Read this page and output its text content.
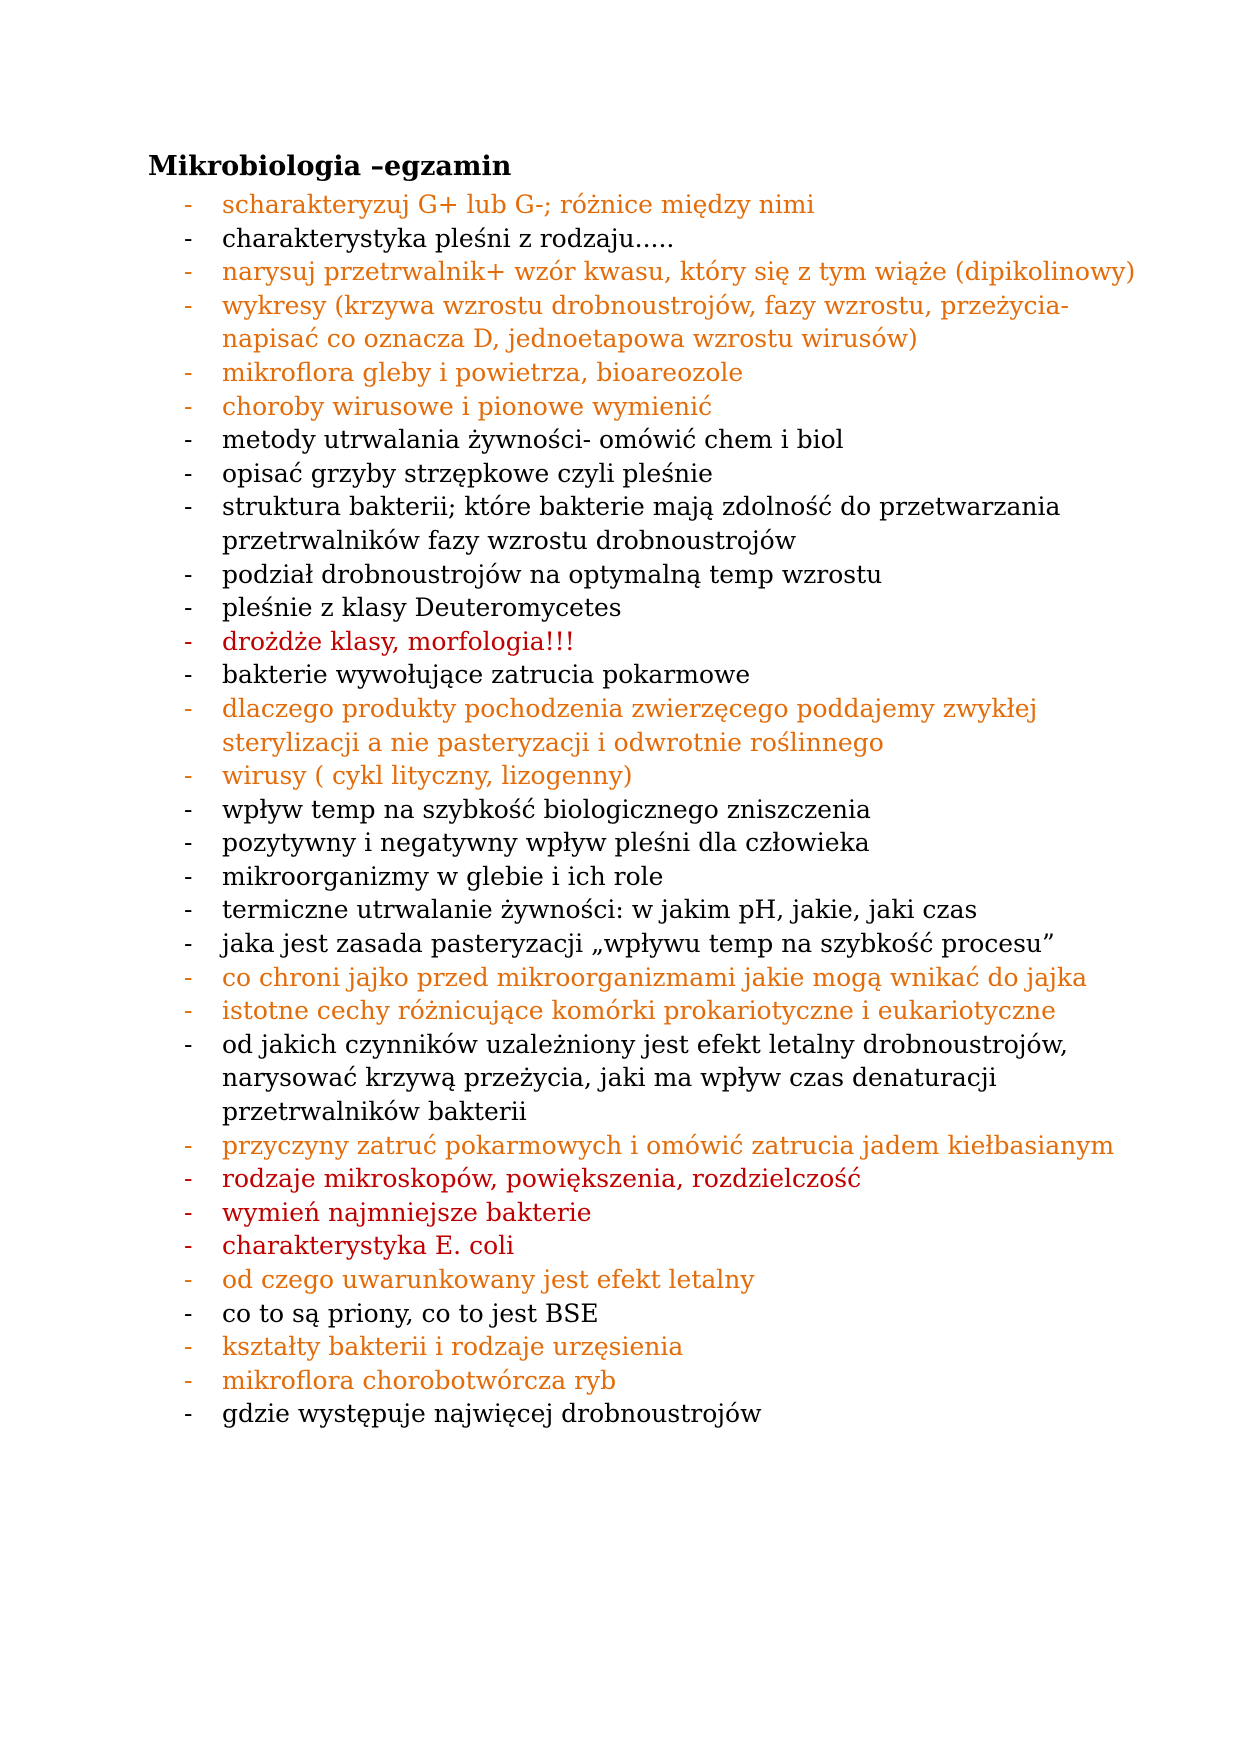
Mikrobiologia –egzamin
- scharakteryzuj G+ lub G-; różnice między nimi
- charakterystyka pleśni z rodzaju.....
- narysuj przetrwalnik+ wzór kwasu, który się z tym wiąże (dipikolinowy)
- wykresy (krzywa wzrostu drobnoustrojów, fazy wzrostu, przeżycia-
napisać co oznacza D, jednoetapowa wzrostu wirusów)
- mikroflora gleby i powietrza, bioareozole
- choroby wirusowe i pionowe wymienić
- metody utrwalania żywności- omówić chem i biol
- opisać grzyby strzępkowe czyli pleśnie
- struktura bakterii; które bakterie mają zdolność do przetwarzania
przetrwalników fazy wzrostu drobnoustrojów
- podział drobnoustrojów na optymalną temp wzrostu
- pleśnie z klasy Deuteromycetes
- drożdże klasy, morfologia!!!
- bakterie wywołujące zatrucia pokarmowe
- dlaczego produkty pochodzenia zwierzęcego poddajemy zwykłej
sterylizacji a nie pasteryzacji i odwrotnie roślinnego
- wirusy ( cykl lityczny, lizogenny)
- wpływ temp na szybkość biologicznego zniszczenia
- pozytywny i negatywny wpływ pleśni dla człowieka
- mikroorganizmy w glebie i ich role
- termiczne utrwalanie żywności: w jakim pH, jakie, jaki czas
- jaka jest zasada pasteryzacji „wpływu temp na szybkość procesu”
- co chroni jajko przed mikroorganizmami jakie mogą wnikać do jajka
- istotne cechy różnicujące komórki prokariotyczne i eukariotyczne
- od jakich czynników uzależniony jest efekt letalny drobnoustrojów,
narysować krzywą przeżycia, jaki ma wpływ czas denaturacji
przetrwalników bakterii
- przyczyny zatruć pokarmowych i omówić zatrucia jadem kiełbasianym
- rodzaje mikroskopów, powiększenia, rozdzielczość
- wymień najmniejsze bakterie
- charakterystyka E. coli
- od czego uwarunkowany jest efekt letalny
- co to są priony, co to jest BSE
- kształty bakterii i rodzaje urzęsienia
- mikroflora chorobotwórcza ryb
- gdzie występuje najwięcej drobnoustrojów
